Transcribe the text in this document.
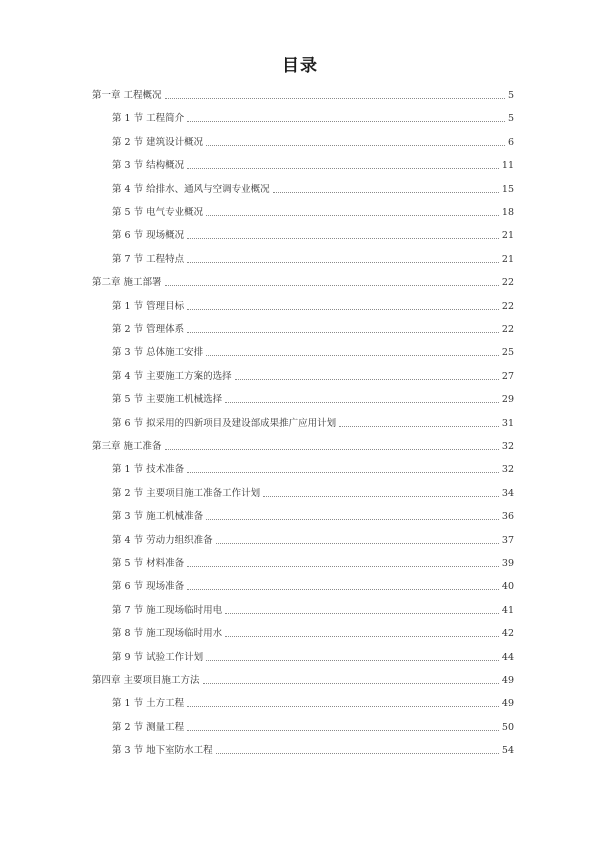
目录
第一章 工程概况	5
第 1 节 工程简介	5
第 2 节 建筑设计概况	6
第 3 节 结构概况	11
第 4 节 给排水、通风与空调专业概况	15
第 5 节 电气专业概况	18
第 6 节 现场概况	21
第 7 节 工程特点	21
第二章 施工部署	22
第 1 节 管理目标	22
第 2 节 管理体系	22
第 3 节 总体施工安排	25
第 4 节 主要施工方案的选择	27
第 5 节 主要施工机械选择	29
第 6 节 拟采用的四新项目及建设部成果推广应用计划	31
第三章 施工准备	32
第 1 节 技术准备	32
第 2 节 主要项目施工准备工作计划	34
第 3 节 施工机械准备	36
第 4 节 劳动力组织准备	37
第 5 节 材料准备	39
第 6 节 现场准备	40
第 7 节 施工现场临时用电	41
第 8 节 施工现场临时用水	42
第 9 节 试验工作计划	44
第四章 主要项目施工方法	49
第 1 节 土方工程	49
第 2 节 测量工程	50
第 3 节 地下室防水工程	54
